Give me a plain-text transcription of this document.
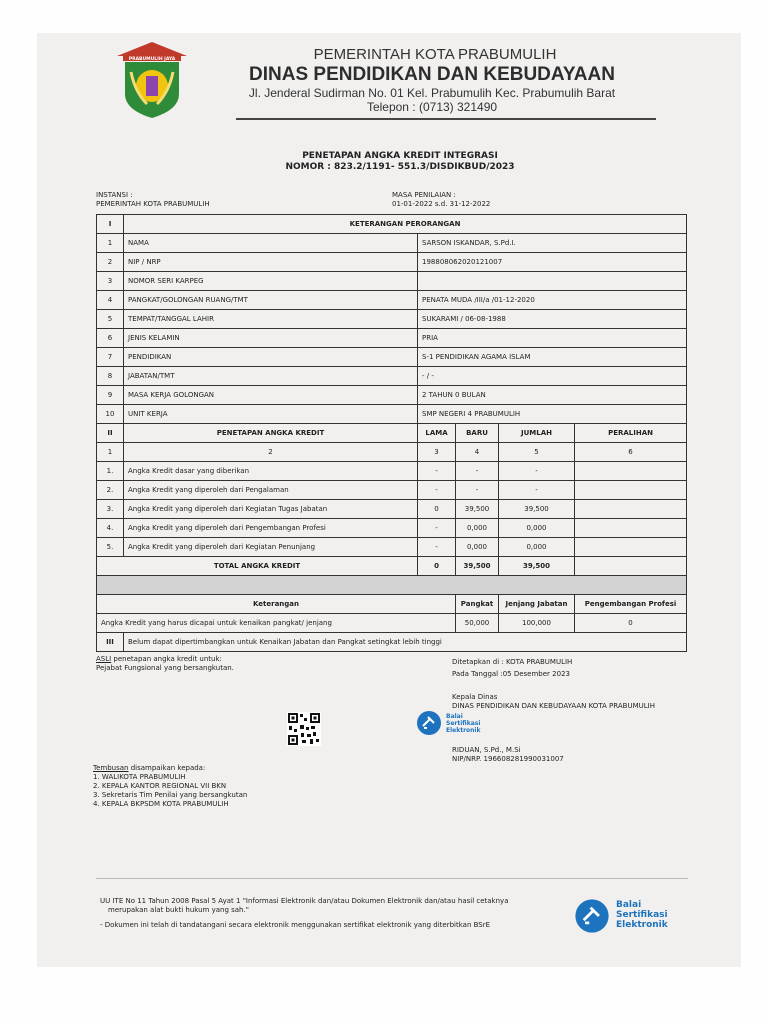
PRABUMULIH JAYA	PEMERINTAH KOTA PRABUMULIH
DINAS PENDIDIKAN DAN KEBUDAYAAN
Jl. Jenderal Sudirman No. 01 Kel. Prabumulih Kec. Prabumulih Barat
Telepon : (0713) 321490
PENETAPAN ANGKA KREDIT INTEGRASI
NOMOR : 823.2/1191- 551.3/DISDIKBUD/2023
INSTANSI :
PEMERINTAH KOTA PRABUMULIH
MASA PENILAIAN :
01-01-2022 s.d. 31-12-2022
I	KETERANGAN PERORANGAN				
1	NAMA	SARSON ISKANDAR, S.Pd.I.			
2	NIP / NRP	198808062020121007			
3	NOMOR SERI KARPEG				
4	PANGKAT/GOLONGAN RUANG/TMT	PENATA MUDA /III/a /01-12-2020			
5	TEMPAT/TANGGAL LAHIR	SUKARAMI / 06-08-1988			
6	JENIS KELAMIN	PRIA			
7	PENDIDIKAN	S-1 PENDIDIKAN AGAMA ISLAM			
8	JABATAN/TMT	- / -			
9	MASA KERJA GOLONGAN	2 TAHUN 0 BULAN			
10	UNIT KERJA	SMP NEGERI 4 PRABUMULIH			
II	PENETAPAN ANGKA KREDIT	LAMA	BARU	JUMLAH	PERALIHAN
1	2	3	4	5	6
1.	Angka Kredit dasar yang diberikan	-	-	-	
2.	Angka Kredit yang diperoleh dari Pengalaman	-	-	-	
3.	Angka Kredit yang diperoleh dari Kegiatan Tugas Jabatan	0	39,500	39,500	
4.	Angka Kredit yang diperoleh dari Pengembangan Profesi	-	0,000	0,000	
5.	Angka Kredit yang diperoleh dari Kegiatan Penunjang	-	0,000	0,000	
TOTAL ANGKA KREDIT		0	39,500	39,500	

Keterangan			Pangkat	Jenjang Jabatan	Pengembangan Profesi
Angka Kredit yang harus dicapai untuk kenaikan pangkat/ jenjang			50,000	100,000	0
III	Belum dapat dipertimbangkan untuk Kenaikan Jabatan dan Pangkat setingkat lebih tinggi				
ASLI penetapan angka kredit untuk:
Pejabat Fungsional yang bersangkutan.
Ditetapkan di : KOTA PRABUMULIH
Pada Tanggal :05 Desember 2023
Kepala Dinas
DINAS PENDIDIKAN DAN KEBUDAYAAN KOTA PRABUMULIH
Balai
Sertifikasi
Elektronik
RIDUAN, S.Pd., M.Si
NIP/NRP. 196608281990031007
Tembusan disampaikan kepada:
1. WALIKOTA PRABUMULIH
2. KEPALA KANTOR REGIONAL VII BKN
3. Sekretaris Tim Penilai yang bersangkutan
4. KEPALA BKPSDM KOTA PRABUMULIH
UU ITE No 11 Tahun 2008 Pasal 5 Ayat 1 "Informasi Elektronik dan/atau Dokumen Elektronik dan/atau hasil cetaknya
merupakan alat bukti hukum yang sah."
- Dokumen ini telah di tandatangani secara elektronik menggunakan sertifikat elektronik yang diterbitkan BSrE
Balai
Sertifikasi
Elektronik
